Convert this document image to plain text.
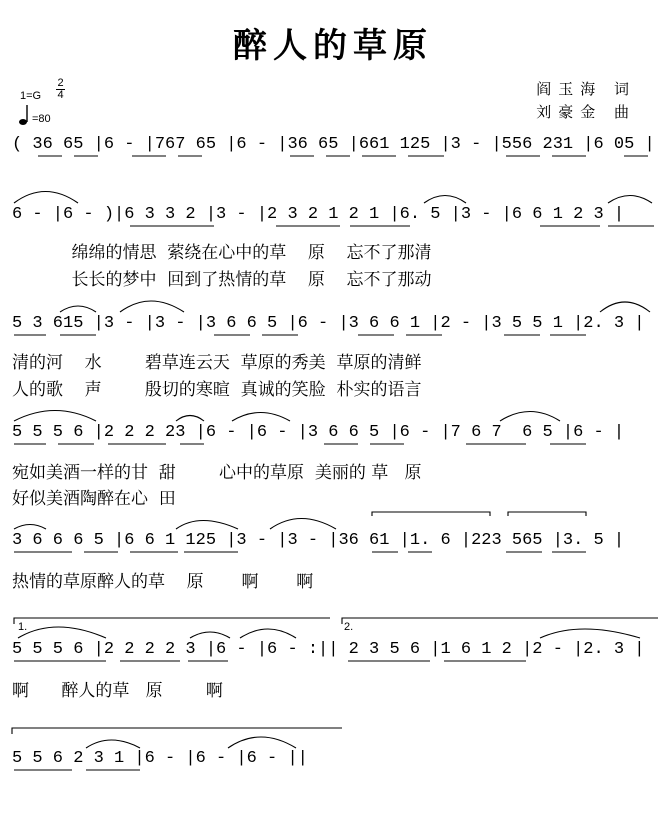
醉人的草原
1=G
2
4
=80
阎玉海 词
刘豪金 曲
( 36 65 |6 - |767 65 |6 - |36 65 |661 125 |3 - |556 231 |6 05 |
6 - |6 - )|6 3 3 2 |3 - |2 3 2 1 2 1 |6. 5 |3 - |6 6 1 2 3 |
绵绵的情思  萦绕在心中的草    原    忘不了那清
长长的梦中  回到了热情的草    原    忘不了那动
5 3 615 |3 - |3 - |3 6 6 5 |6 - |3 6 6 1 |2 - |3 5 5 1 |2. 3 |
清的河    水        碧草连云天  草原的秀美  草原的清鲜
人的歌    声        殷切的寒暄  真诚的笑脸  朴实的语言
5 5 5 6 |2 2 2 23 |6 - |6 - |3 6 6 5 |6 - |7 6 7  6 5 |6 - |
宛如美酒一样的甘  甜        心中的草原  美丽的 草   原
好似美酒陶醉在心  田
3 6 6 6 5 |6 6 1 125 |3 - |3 - |36 61 |1. 6 |223 565 |3. 5 |
热情的草原醉人的草    原       啊       啊
1.	2.
5 5 5 6 |2 2 2 2 3 |6 - |6 - :|| 2 3 5 6 |1 6 1 2 |2 - |2. 3 |
啊      醉人的草   原        啊
5 5 6 2 3 1 |6 - |6 - |6 - ||
